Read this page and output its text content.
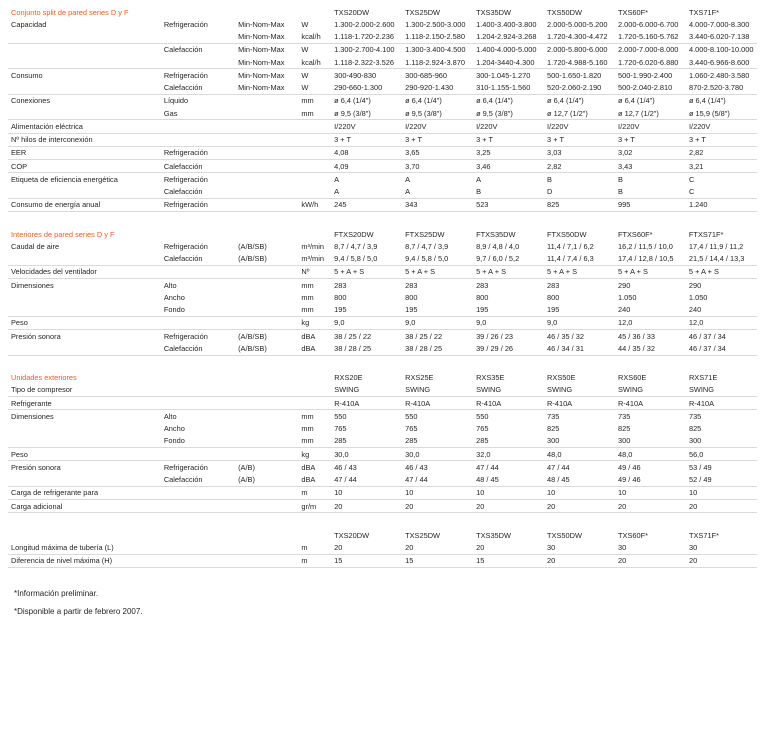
Conjunto split de pared series D y F				TXS20DW	TXS25DW	TXS35DW	TXS50DW	TXS60F*	TXS71F*
Capacidad	Refrigeración	Min-Nom-Max	W	1.300-2.000-2.600	1.300-2.500-3.000	1.400-3.400-3.800	2.000-5.000-5.200	2.000-6.000-6.700	4.000-7.000-8.300
		Min-Nom-Max	kcal/h	1.118-1.720-2.236	1.118-2.150-2.580	1.204-2.924-3.268	1.720-4.300-4.472	1.720-5.160-5.762	3.440-6.020-7.138
	Calefacción	Min-Nom-Max	W	1.300-2.700-4.100	1.300-3.400-4.500	1.400-4.000-5.000	2.000-5.800-6.000	2.000-7.000-8.000	4.000-8.100-10.000
		Min-Nom-Max	kcal/h	1.118-2.322-3.526	1.118-2.924-3.870	1.204-3440-4.300	1.720-4.988-5.160	1.720-6.020-6.880	3.440-6.966-8.600
Consumo	Refrigeración	Min-Nom-Max	W	300-490-830	300-685-960	300-1.045-1.270	500-1.650-1.820	500-1.990-2.400	1.060-2.480-3.580
	Calefacción	Min-Nom-Max	W	290-660-1.300	290-920-1.430	310-1.155-1.560	520-2.060-2.190	500-2.040-2.810	870-2.520-3.780
Conexiones	Líquido		mm	ø 6,4 (1/4")	ø 6,4 (1/4")	ø 6,4 (1/4")	ø 6,4 (1/4")	ø 6,4 (1/4")	ø 6,4 (1/4")
	Gas		mm	ø 9,5 (3/8")	ø 9,5 (3/8")	ø 9,5 (3/8")	ø 12,7 (1/2")	ø 12,7 (1/2")	ø 15,9 (5/8")
Alimentación eléctrica				I/220V	I/220V	I/220V	I/220V	I/220V	I/220V
Nº hilos de interconexión				3 + T	3 + T	3 + T	3 + T	3 + T	3 + T
EER	Refrigeración			4,08	3,65	3,25	3,03	3,02	2,82
COP	Calefacción			4,09	3,70	3,46	2,82	3,43	3,21
Etiqueta de eficiencia energética	Refrigeración			A	A	A	B	B	C
	Calefacción			A	A	B	D	B	C
Consumo de energía anual	Refrigeración		kW/h	245	343	523	825	995	1.240
Interiores de pared series D y F				FTXS20DW	FTXS25DW	FTXS35DW	FTXS50DW	FTXS60F*	FTXS71F*
Caudal de aire	Refrigeración	(A/B/SB)	m³/min	8,7 / 4,7 / 3,9	8,7 / 4,7 / 3,9	8,9 / 4,8 / 4,0	11,4 / 7,1 / 6,2	16,2 / 11,5 / 10,0	17,4 / 11,9 / 11,2
	Calefacción	(A/B/SB)	m³/min	9,4 / 5,8 / 5,0	9,4 / 5,8 / 5,0	9,7 / 6,0 / 5,2	11,4 / 7,4 / 6,3	17,4 / 12,8 / 10,5	21,5 / 14,4 / 13,3
Velocidades del ventilador			Nº	5 + A + S	5 + A + S	5 + A + S	5 + A + S	5 + A + S	5 + A + S
Dimensiones	Alto		mm	283	283	283	283	290	290
	Ancho		mm	800	800	800	800	1.050	1.050
	Fondo		mm	195	195	195	195	240	240
Peso			kg	9,0	9,0	9,0	9,0	12,0	12,0
Presión sonora	Refrigeración	(A/B/SB)	dBA	38 / 25 / 22	38 / 25 / 22	39 / 26 / 23	46 / 35 / 32	45 / 36 / 33	46 / 37 / 34
	Calefacción	(A/B/SB)	dBA	38 / 28 / 25	38 / 28 / 25	39 / 29 / 26	46 / 34 / 31	44 / 35 / 32	46 / 37 / 34
Unidades exteriores				RXS20E	RXS25E	RXS35E	RXS50E	RXS60E	RXS71E
Tipo de compresor				SWING	SWING	SWING	SWING	SWING	SWING
Refrigerante				R-410A	R-410A	R-410A	R-410A	R-410A	R-410A
Dimensiones	Alto		mm	550	550	550	735	735	735
	Ancho		mm	765	765	765	825	825	825
	Fondo		mm	285	285	285	300	300	300
Peso			kg	30,0	30,0	32,0	48,0	48,0	56,0
Presión sonora	Refrigeración	(A/B)	dBA	46 / 43	46 / 43	47 / 44	47 / 44	49 / 46	53 / 49
	Calefacción	(A/B)	dBA	47 / 44	47 / 44	48 / 45	48 / 45	49 / 46	52 / 49
Carga de refrigerante para			m	10	10	10	10	10	10
Carga adicional			gr/m	20	20	20	20	20	20
				TXS20DW	TXS25DW	TXS35DW	TXS50DW	TXS60F*	TXS71F*
Longitud máxima de tubería (L)			m	20	20	20	30	30	30
Diferencia de nivel máxima (H)			m	15	15	15	20	20	20
*Información preliminar.
*Disponible a partir de febrero 2007.
